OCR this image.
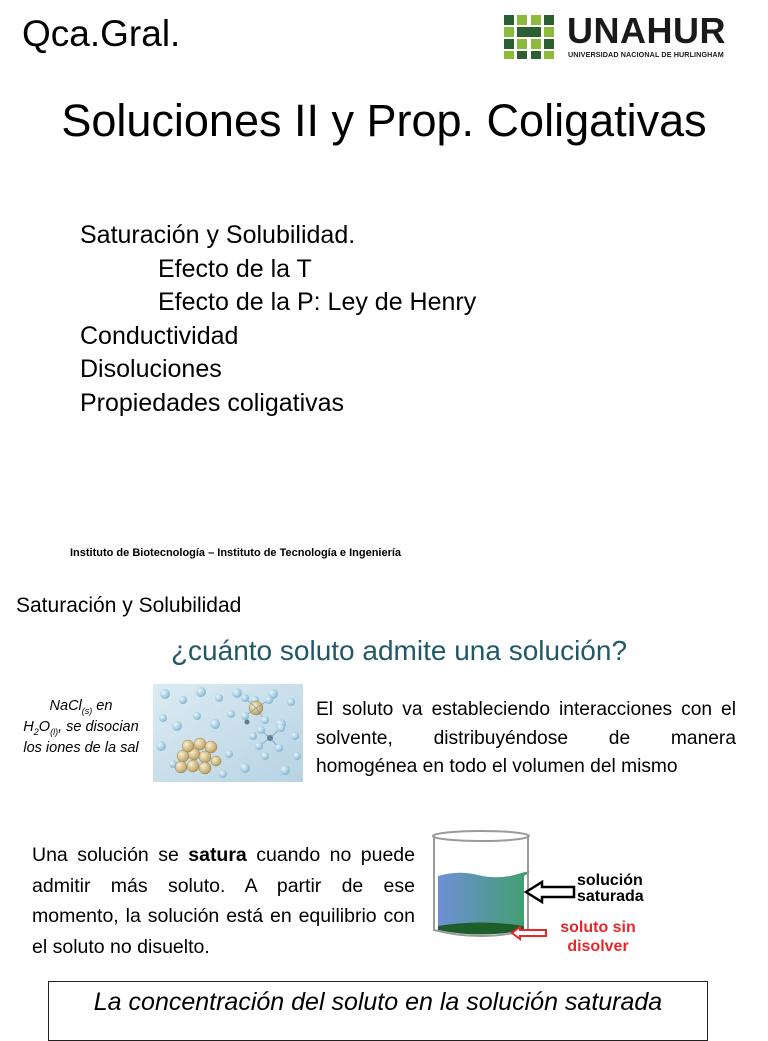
Qca.Gral.	UNAHUR
UNIVERSIDAD NACIONAL DE HURLINGHAM
Soluciones II y Prop. Coligativas
Saturación y Solubilidad.
Efecto de la T
Efecto de la P: Ley de Henry
Conductividad
Disoluciones
Propiedades coligativas
Instituto de Biotecnología – Instituto de Tecnología e Ingeniería
Saturación y Solubilidad
¿cuánto soluto admite una solución?
NaCl$_{(s)}$ en
$H_2O_{(l)}$, se disocian los iones de la sal
El soluto va estableciendo interacciones con el solvente, distribuyéndose de manera homogénea en todo el volumen del mismo
Una solución se satura cuando no puede admitir más soluto. A partir de ese momento, la solución está en equilibrio con el soluto no disuelto.
solución
saturada
soluto sin
disolver
La concentración del soluto en la solución saturada
